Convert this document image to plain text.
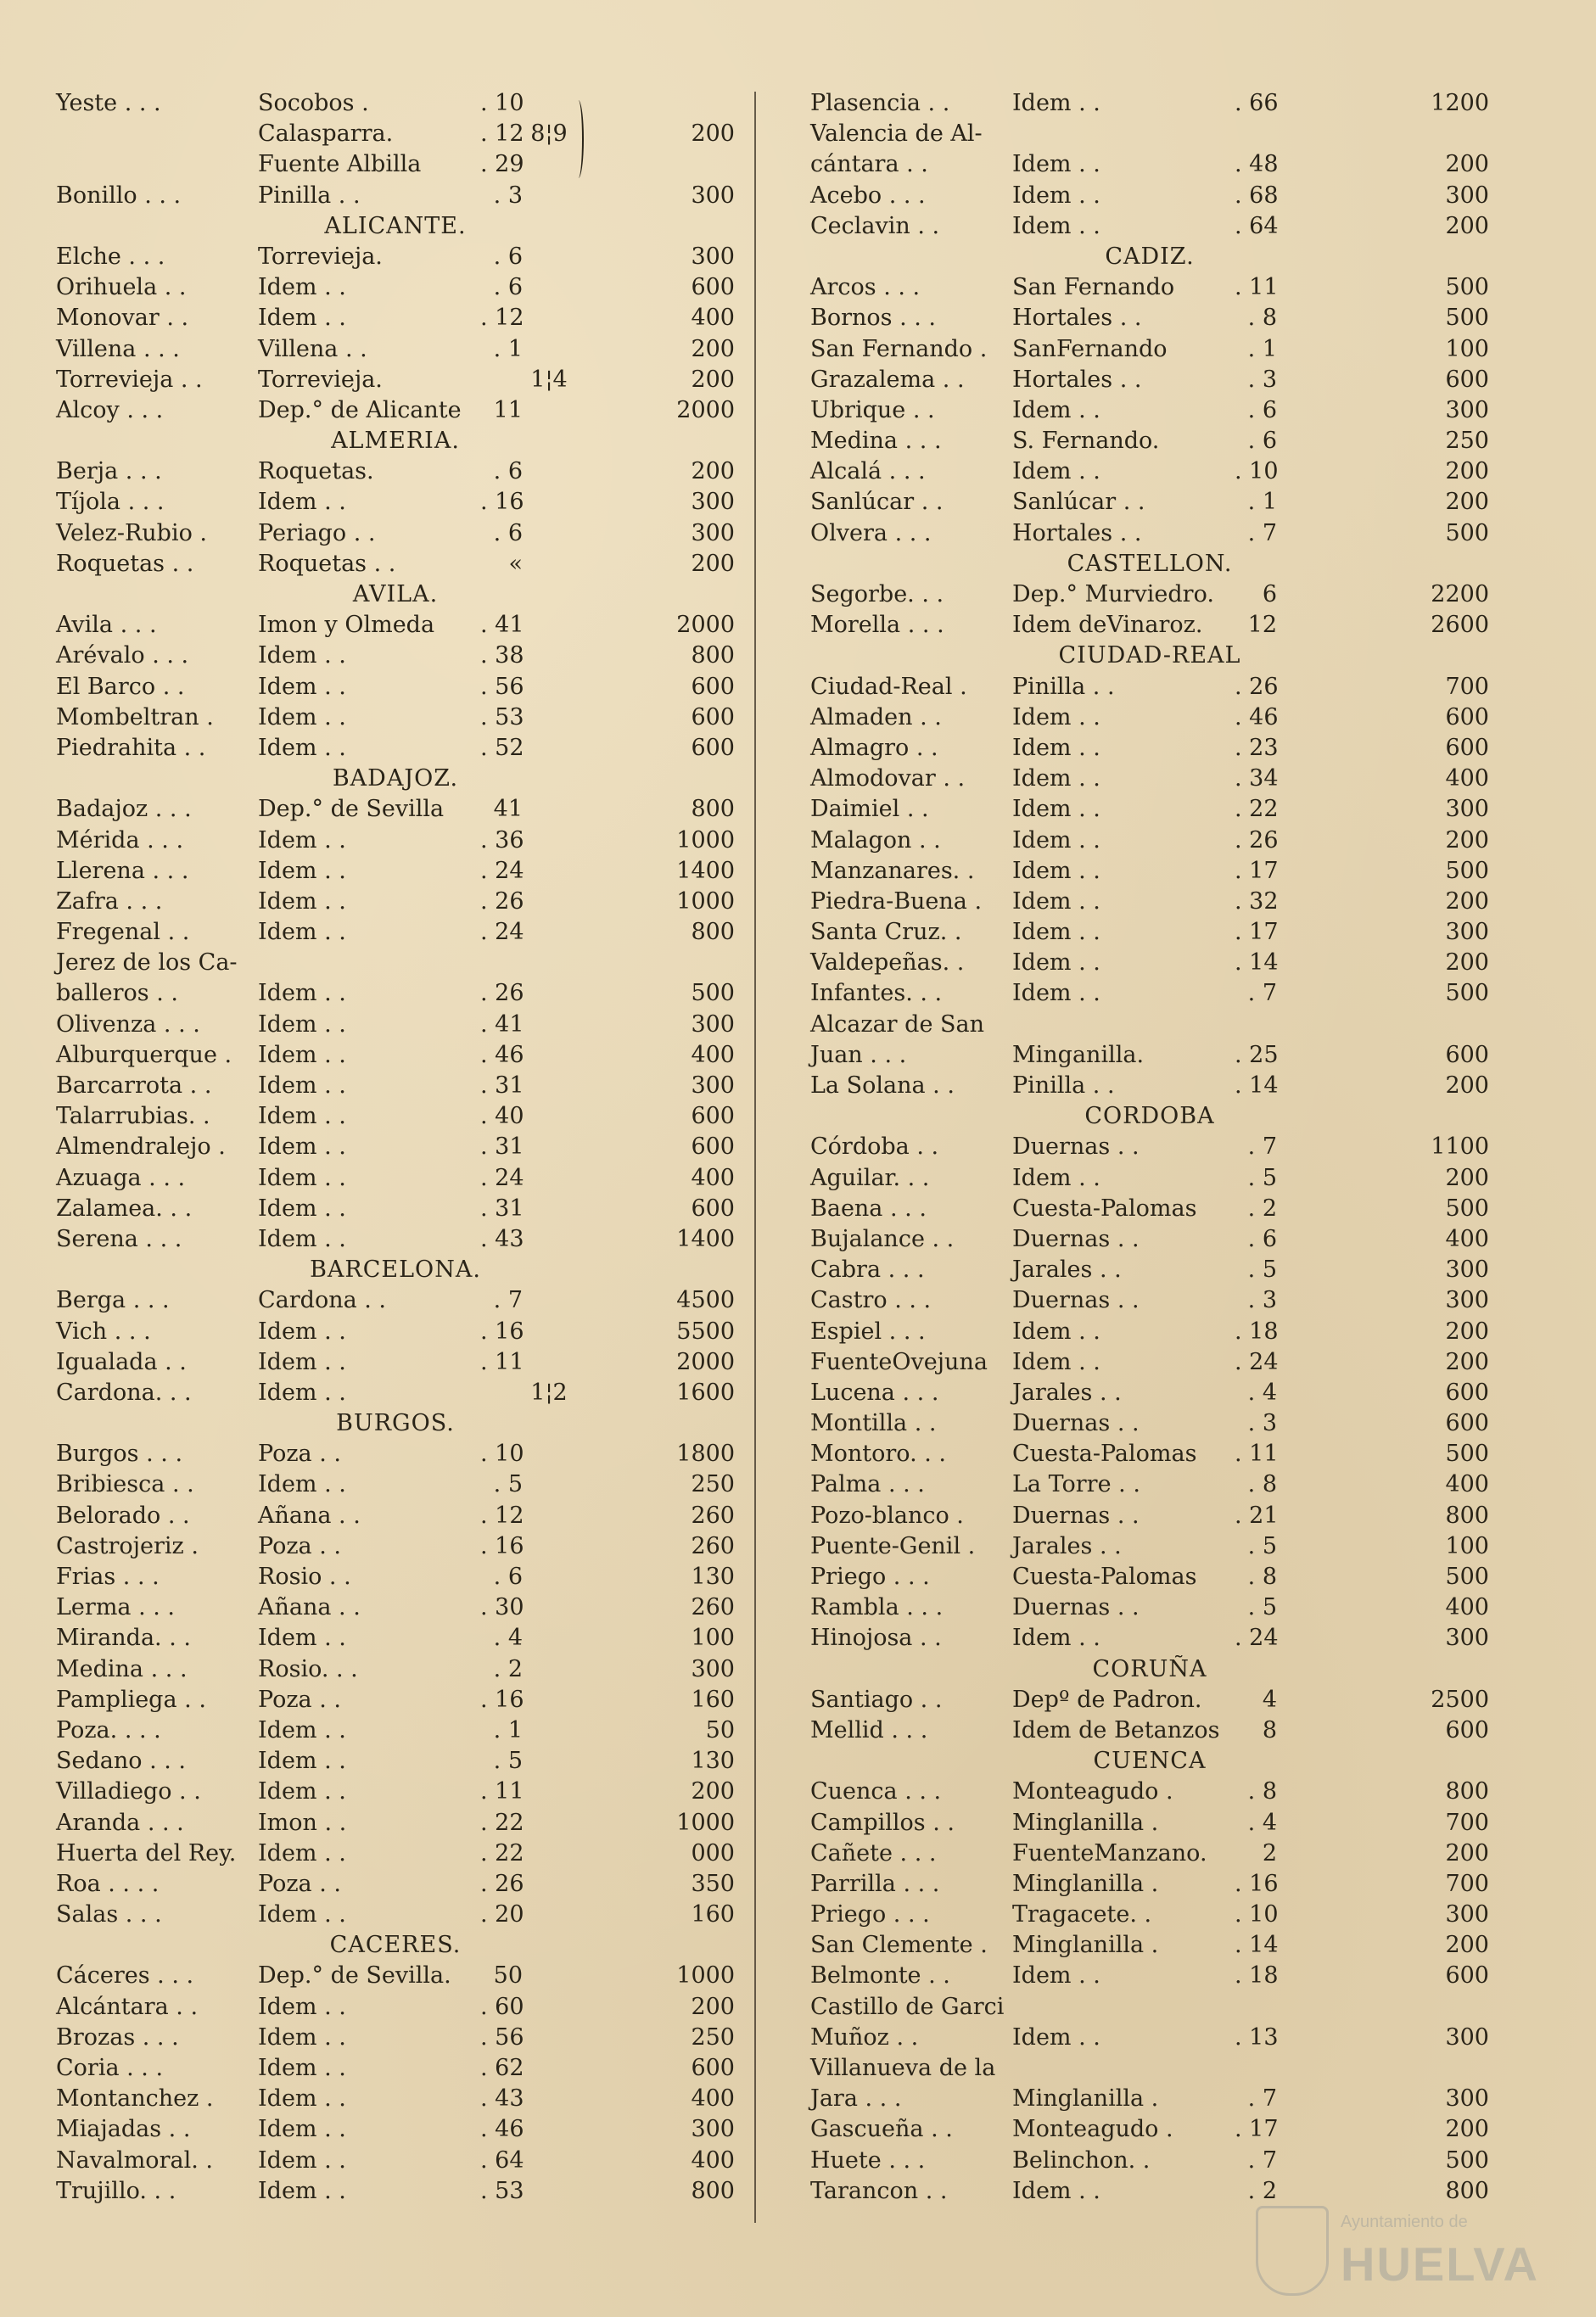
Yeste . . .	Socobos .	. 10
Calasparra.	. 12 8¦9	200
Fuente Albilla	. 29
Bonillo . . .	Pinilla . .	. 3	300
ALICANTE.
Elche . . .	Torrevieja.	. 6	300
Orihuela . .	Idem . .	. 6	600
Monovar . .	Idem . .	. 12	400
Villena . . .	Villena . .	. 1	200
Torrevieja . . Torrevieja.	1¦4	200
Alcoy . . .	Dep.° de Alicante	11	2000
ALMERIA.
Berja . . .	Roquetas.	. 6	200
Tíjola . . .	Idem . .	. 16	300
Velez-Rubio . Periago . .	. 6	300
Roquetas . .	Roquetas . .	«	200
AVILA.
Avila . . .	Imon y Olmeda . 41	2000
Arévalo . . .	Idem . .	. 38	800
El Barco . .	Idem . .	. 56	600
Mombeltran . Idem . .	. 53	600
Piedrahita . . Idem . .	. 52	600
BADAJOZ.
Badajoz . . .	Dep.° de Sevilla	41	800
Mérida . . .	Idem . .	. 36	1000
Llerena . . .	Idem . .	. 24	1400
Zafra . . .	Idem . .	. 26	1000
Fregenal . .	Idem . .	. 24	800
Jerez de los Ca-
balleros . .	Idem . .	. 26	500
Olivenza . . .	Idem . .	. 41	300
Alburquerque . Idem . .	. 46	400
Barcarrota . . Idem . .	. 31	300
Talarrubias. . Idem . .	. 40	600
Almendralejo . Idem . .	. 31	600
Azuaga . . .	Idem . .	. 24	400
Zalamea. . .	Idem . .	. 31	600
Serena . . .	Idem . .	. 43	1400
BARCELONA.
Berga . . .	Cardona . .	. 7	4500
Vich . . .	Idem . .	. 16	5500
Igualada . .	Idem . .	. 11	2000
Cardona. . .	Idem . .	1¦2	1600
BURGOS.
Burgos . . .	Poza . .	. 10	1800
Bribiesca . .	Idem . .	. 5	250
Belorado . .	Añana . .	. 12	260
Castrojeriz .	Poza . .	. 16	260
Frias . . .	Rosio . .	. 6	130
Lerma . . .	Añana . .	. 30	260
Miranda. . .	Idem . .	. 4	100
Medina . . .	Rosio. . .	. 2	300
Pampliega . . Poza . .	. 16	160
Poza. . . .	Idem . .	. 1	50
Sedano . . .	Idem . .	. 5	130
Villadiego . . Idem . .	. 11	200
Aranda . . .	Imon . .	. 22	1000
Huerta del Rey. Idem . .	. 22	000
Roa . . . .	Poza . .	. 26	350
Salas . . .	Idem . .	. 20	160
CACERES.
Cáceres . . .	Dep.° de Sevilla.	50	1000
Alcántara . .	Idem . .	. 60	200
Brozas . . .	Idem . .	. 56	250
Coria . . .	Idem . .	. 62	600
Montanchez . Idem . .	. 43	400
Miajadas . .	Idem . .	. 46	300
Navalmoral. . Idem . .	. 64	400
Trujillo. . .	Idem . .	. 53	800
Plasencia . .	Idem . .	. 66	1200
Valencia de Al-
cántara . .	Idem . .	. 48	200
Acebo . . .	Idem . .	. 68	300
Ceclavin . .	Idem . .	. 64	200
CADIZ.
Arcos . . .	San Fernando	. 11	500
Bornos . . .	Hortales . .	. 8	500
San Fernando . SanFernando	. 1	100
Grazalema . . Hortales . .	. 3	600
Ubrique . .	Idem . .	. 6	300
Medina . . .	S. Fernando.	. 6	250
Alcalá . . .	Idem . .	. 10	200
Sanlúcar . .	Sanlúcar . .	. 1	200
Olvera . . .	Hortales . .	. 7	500
CASTELLON.
Segorbe. . .	Dep.° Murviedro.	6	2200
Morella . . .	Idem deVinaroz.	12	2600
CIUDAD-REAL
Ciudad-Real . Pinilla . .	. 26	700
Almaden . .	Idem . .	. 46	600
Almagro . .	Idem . .	. 23	600
Almodovar . . Idem . .	. 34	400
Daimiel . .	Idem . .	. 22	300
Malagon . .	Idem . .	. 26	200
Manzanares. . Idem . .	. 17	500
Piedra-Buena . Idem . .	. 32	200
Santa Cruz. . Idem . .	. 17	300
Valdepeñas. . Idem . .	. 14	200
Infantes. . .	Idem . .	. 7	500
Alcazar de San
Juan . . .	Minganilla.	. 25	600
La Solana . .	Pinilla . .	. 14	200
CORDOBA
Córdoba . .	Duernas . .	. 7	1100
Aguilar. . .	Idem . .	. 5	200
Baena . . .	Cuesta-Palomas	. 2	500
Bujalance . .	Duernas . .	. 6	400
Cabra . . .	Jarales . .	. 5	300
Castro . . .	Duernas . .	. 3	300
Espiel . . .	Idem . .	. 18	200
FuenteOvejuna Idem . .	. 24	200
Lucena . . .	Jarales . .	. 4	600
Montilla . .	Duernas . .	. 3	600
Montoro. . .	Cuesta-Palomas . 11	500
Palma . . .	La Torre . .	. 8	400
Pozo-blanco . Duernas . .	. 21	800
Puente-Genil . Jarales . .	. 5	100
Priego . . .	Cuesta-Palomas	. 8	500
Rambla . . .	Duernas . .	. 5	400
Hinojosa . .	Idem . .	. 24	300
CORUÑA
Santiago . .	Depº de Padron.	4	2500
Mellid . . .	Idem de Betanzos	8	600
CUENCA
Cuenca . . .	Monteagudo .	. 8	800
Campillos . .	Minglanilla .	. 4	700
Cañete . . .	FuenteManzano.	2	200
Parrilla . . .	Minglanilla .	. 16	700
Priego . . .	Tragacete. .	. 10	300
San Clemente . Minglanilla .	. 14	200
Belmonte . .	Idem . .	. 18	600
Castillo de Garci
Muñoz . .	Idem . .	. 13	300
Villanueva de la
Jara . . .	Minglanilla .	. 7	300
Gascueña . .	Monteagudo .	. 17	200
Huete . . .	Belinchon. .	. 7	500
Tarancon . .	Idem . .	. 2	800
Ayuntamiento de
HUELVA
